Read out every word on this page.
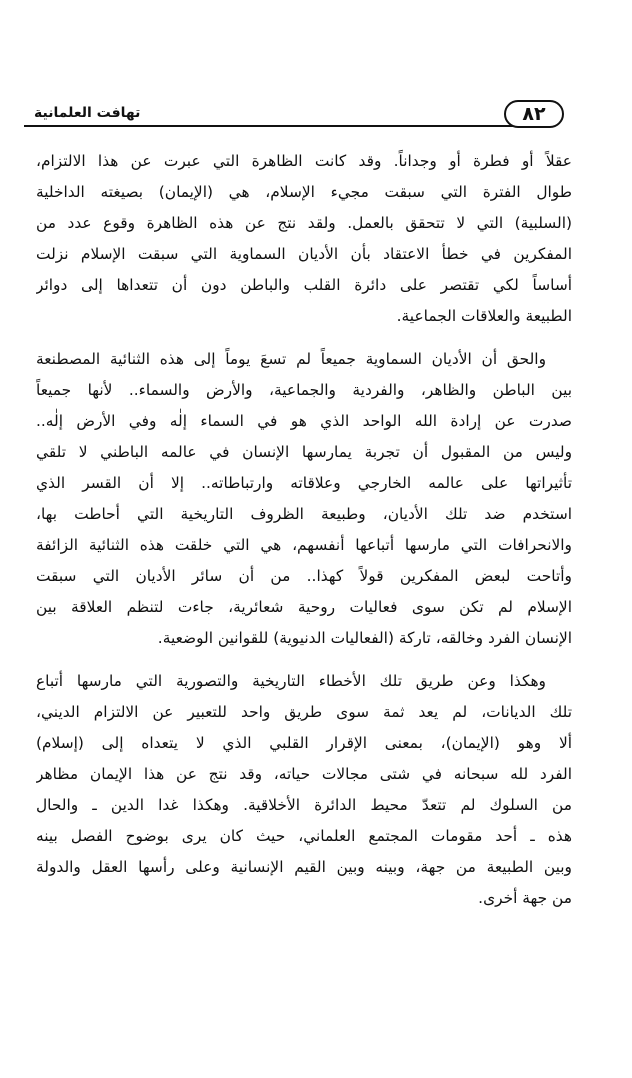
٨٢
تهافت العلمانية
عقلاً أو فطرة أو وجداناً. وقد كانت الظاهرة التي عبرت عن هذا الالتزام،
طوال الفترة التي سبقت مجيء الإسلام، هي (الإيمان) بصيغته الداخلية
(السلبية) التي لا تتحقق بالعمل. ولقد نتج عن هذه الظاهرة وقوع عدد من
المفكرين في خطأ الاعتقاد بأن الأديان السماوية التي سبقت الإسلام نزلت
أساساً لكي تقتصر على دائرة القلب والباطن دون أن تتعداها إلى دوائر
الطبيعة والعلاقات الجماعية.
والحق أن الأديان السماوية جميعاً لم تسعَ يوماً إلى هذه الثنائية المصطنعة
بين الباطن والظاهر، والفردية والجماعية، والأرض والسماء.. لأنها جميعاً
صدرت عن إرادة الله الواحد الذي هو في السماء إلٰه وفي الأرض إلٰه..
وليس من المقبول أن تجربة يمارسها الإنسان في عالمه الباطني لا تلقي
تأثيراتها على عالمه الخارجي وعلاقاته وارتباطاته.. إلا أن القسر الذي
استخدم ضد تلك الأديان، وطبيعة الظروف التاريخية التي أحاطت بها،
والانحرافات التي مارسها أتباعها أنفسهم، هي التي خلقت هذه الثنائية الزائفة
وأتاحت لبعض المفكرين قولاً كهذا.. من أن سائر الأديان التي سبقت
الإسلام لم تكن سوى فعاليات روحية شعائرية، جاءت لتنظم العلاقة بين
الإنسان الفرد وخالقه، تاركة (الفعاليات الدنيوية) للقوانين الوضعية.
وهكذا وعن طريق تلك الأخطاء التاريخية والتصورية التي مارسها أتباع
تلك الديانات، لم يعد ثمة سوى طريق واحد للتعبير عن الالتزام الديني،
ألا وهو (الإيمان)، بمعنى الإقرار القلبي الذي لا يتعداه إلى (إسلام)
الفرد لله سبحانه في شتى مجالات حياته، وقد نتج عن هذا الإيمان مظاهر
من السلوك لم تتعدّ محيط الدائرة الأخلاقية. وهكذا غدا الدين ـ والحال
هذه ـ أحد مقومات المجتمع العلماني، حيث كان يرى بوضوح الفصل بينه
وبين الطبيعة من جهة، وبينه وبين القيم الإنسانية وعلى رأسها العقل والدولة
من جهة أخرى.
